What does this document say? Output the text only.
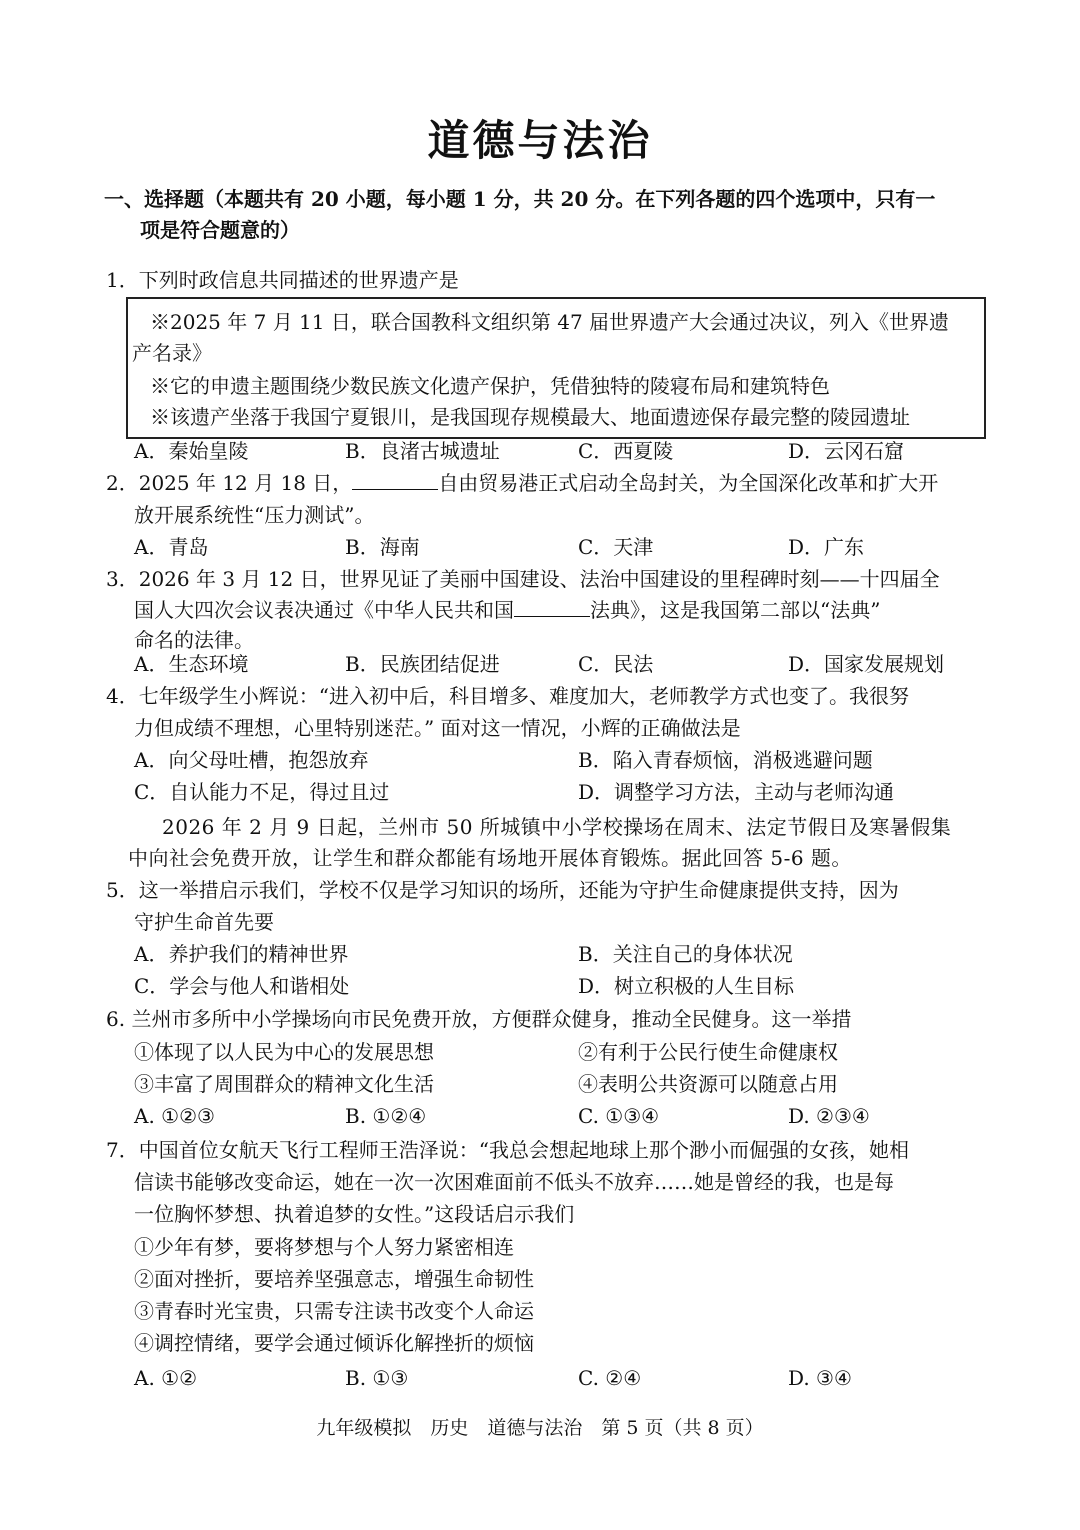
道德与法治
一、选择题（本题共有 20 小题，每小题 1 分，共 20 分。在下列各题的四个选项中，只有一
项是符合题意的）
1．下列时政信息共同描述的世界遗产是
※2025 年 7 月 11 日，联合国教科文组织第 47 届世界遗产大会通过决议，列入《世界遗
产名录》
※它的申遗主题围绕少数民族文化遗产保护，凭借独特的陵寝布局和建筑特色
※该遗产坐落于我国宁夏银川，是我国现存规模最大、地面遗迹保存最完整的陵园遗址
A．秦始皇陵	B．良渚古城遗址	C．西夏陵	D．云冈石窟
2．2025 年 12 月 18 日，	自由贸易港正式启动全岛封关，为全国深化改革和扩大开
放开展系统性“压力测试”。
A．青岛	B．海南	C．天津	D．广东
3．2026 年 3 月 12 日，世界见证了美丽中国建设、法治中国建设的里程碑时刻——十四届全
国人大四次会议表决通过《中华人民共和国	法典》，这是我国第二部以“法典”
命名的法律。
A．生态环境	B．民族团结促进	C．民法	D．国家发展规划
4．七年级学生小辉说：“进入初中后，科目增多、难度加大，老师教学方式也变了。我很努
力但成绩不理想，心里特别迷茫。” 面对这一情况，小辉的正确做法是
A．向父母吐槽，抱怨放弃	B．陷入青春烦恼，消极逃避问题
C．自认能力不足，得过且过	D．调整学习方法，主动与老师沟通
2026 年 2 月 9 日起，兰州市 50 所城镇中小学校操场在周末、法定节假日及寒暑假集
中向社会免费开放，让学生和群众都能有场地开展体育锻炼。据此回答 5-6 题。
5．这一举措启示我们，学校不仅是学习知识的场所，还能为守护生命健康提供支持，因为
守护生命首先要
A．养护我们的精神世界	B．关注自己的身体状况
C．学会与他人和谐相处	D．树立积极的人生目标
6. 兰州市多所中小学操场向市民免费开放，方便群众健身，推动全民健身。这一举措
①体现了以人民为中心的发展思想	②有利于公民行使生命健康权
③丰富了周围群众的精神文化生活	④表明公共资源可以随意占用
A. ①②③	B. ①②④	C. ①③④	D. ②③④
7．中国首位女航天飞行工程师王浩泽说：“我总会想起地球上那个渺小而倔强的女孩，她相
信读书能够改变命运，她在一次一次困难面前不低头不放弃……她是曾经的我，也是每
一位胸怀梦想、执着追梦的女性。”这段话启示我们
①少年有梦，要将梦想与个人努力紧密相连
②面对挫折，要培养坚强意志，增强生命韧性
③青春时光宝贵，只需专注读书改变个人命运
④调控情绪，要学会通过倾诉化解挫折的烦恼
A. ①②	B. ①③	C. ②④	D. ③④
九年级模拟　历史　道德与法治　第 5 页（共 8 页）
